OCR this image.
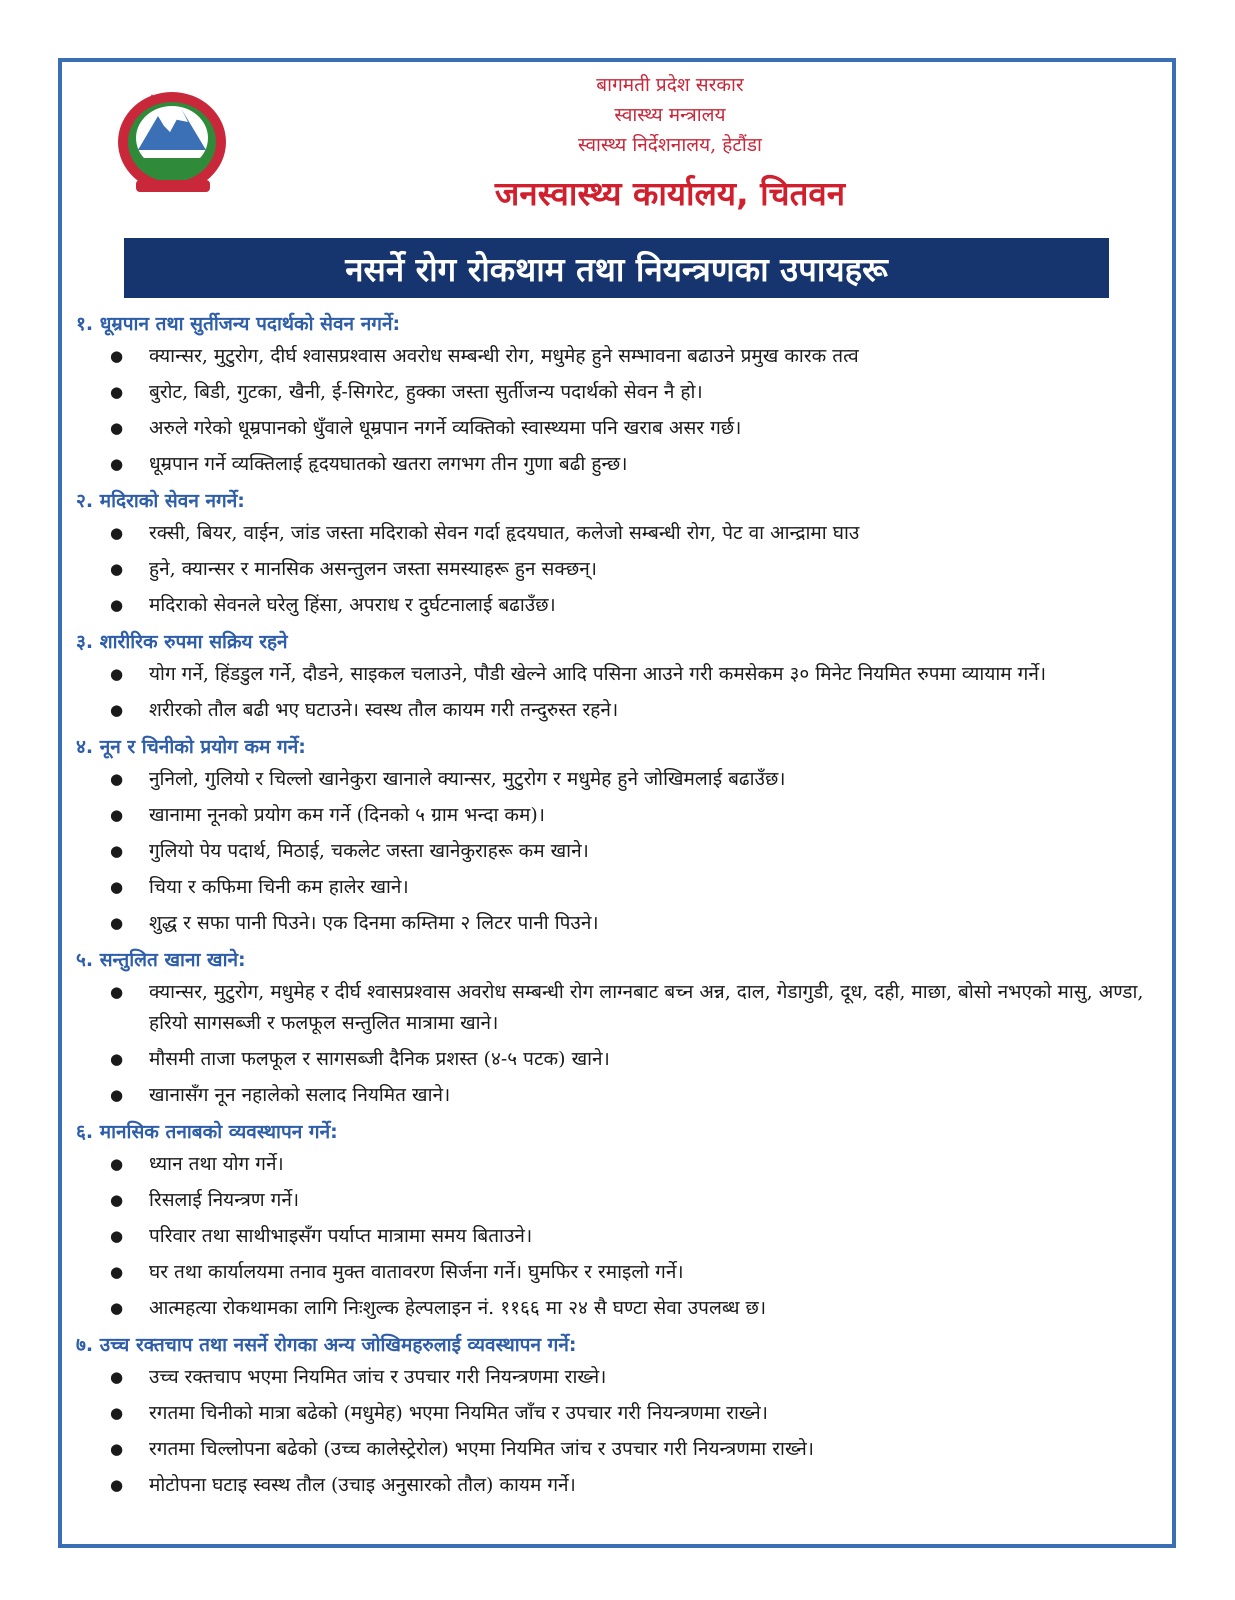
बागमती प्रदेश सरकार
स्वास्थ्य मन्त्रालय
स्वास्थ्य निर्देशनालय, हेटौंडा
जनस्वास्थ्य कार्यालय, चितवन
नसर्ने रोग रोकथाम तथा नियन्त्रणका उपायहरू
१. धूम्रपान तथा सुर्तीजन्य पदार्थको सेवन नगर्ने:
● क्यान्सर, मुटुरोग, दीर्घ श्वासप्रश्वास अवरोध सम्बन्धी रोग, मधुमेह हुने सम्भावना बढाउने प्रमुख कारक तत्व
● बुरोट, बिडी, गुटका, खैनी, ई-सिगरेट, हुक्का जस्ता सुर्तीजन्य पदार्थको सेवन नै हो।
● अरुले गरेको धूम्रपानको धुँवाले धूम्रपान नगर्ने व्यक्तिको स्वास्थ्यमा पनि खराब असर गर्छ।
● धूम्रपान गर्ने व्यक्तिलाई हृदयघातको खतरा लगभग तीन गुणा बढी हुन्छ।
२. मदिराको सेवन नगर्ने:
● रक्सी, बियर, वाईन, जांड जस्ता मदिराको सेवन गर्दा हृदयघात, कलेजो सम्बन्धी रोग, पेट वा आन्द्रामा घाउ
● हुने, क्यान्सर र मानसिक असन्तुलन जस्ता समस्याहरू हुन सक्छन्।
● मदिराको सेवनले घरेलु हिंसा, अपराध र दुर्घटनालाई बढाउँछ।
३. शारीरिक रुपमा सक्रिय रहने
● योग गर्ने, हिंडडुल गर्ने, दौडने, साइकल चलाउने, पौडी खेल्ने आदि पसिना आउने गरी कमसेकम ३० मिनेट नियमित रुपमा व्यायाम गर्ने।
● शरीरको तौल बढी भए घटाउने। स्वस्थ तौल कायम गरी तन्दुरुस्त रहने।
४. नून र चिनीको प्रयोग कम गर्ने:
● नुनिलो, गुलियो र चिल्लो खानेकुरा खानाले क्यान्सर, मुटुरोग र मधुमेह हुने जोखिमलाई बढाउँछ।
● खानामा नूनको प्रयोग कम गर्ने (दिनको ५ ग्राम भन्दा कम)।
● गुलियो पेय पदार्थ, मिठाई, चकलेट जस्ता खानेकुराहरू कम खाने।
● चिया र कफिमा चिनी कम हालेर खाने।
● शुद्ध र सफा पानी पिउने। एक दिनमा कम्तिमा २ लिटर पानी पिउने।
५. सन्तुलित खाना खाने:
● क्यान्सर, मुटुरोग, मधुमेह र दीर्घ श्वासप्रश्वास अवरोध सम्बन्धी रोग लाग्नबाट बच्न अन्न, दाल, गेडागुडी, दूध, दही, माछा, बोसो नभएको मासु, अण्डा, हरियो सागसब्जी र फलफूल सन्तुलित मात्रामा खाने।
● मौसमी ताजा फलफूल र सागसब्जी दैनिक प्रशस्त (४-५ पटक) खाने।
● खानासँग नून नहालेको सलाद नियमित खाने।
६. मानसिक तनाबको व्यवस्थापन गर्ने:
● ध्यान तथा योग गर्ने।
● रिसलाई नियन्त्रण गर्ने।
● परिवार तथा साथीभाइसँग पर्याप्त मात्रामा समय बिताउने।
● घर तथा कार्यालयमा तनाव मुक्त वातावरण सिर्जना गर्ने। घुमफिर र रमाइलो गर्ने।
● आत्महत्या रोकथामका लागि निःशुल्क हेल्पलाइन नं. ११६६ मा २४ सै घण्टा सेवा उपलब्ध छ।
७. उच्च रक्तचाप तथा नसर्ने रोगका अन्य जोखिमहरुलाई व्यवस्थापन गर्ने:
● उच्च रक्तचाप भएमा नियमित जांच र उपचार गरी नियन्त्रणमा राख्ने।
● रगतमा चिनीको मात्रा बढेको (मधुमेह) भएमा नियमित जाँच र उपचार गरी नियन्त्रणमा राख्ने।
● रगतमा चिल्लोपना बढेको (उच्च कालेस्ट्रेरोल) भएमा नियमित जांच र उपचार गरी नियन्त्रणमा राख्ने।
● मोटोपना घटाइ स्वस्थ तौल (उचाइ अनुसारको तौल) कायम गर्ने।
